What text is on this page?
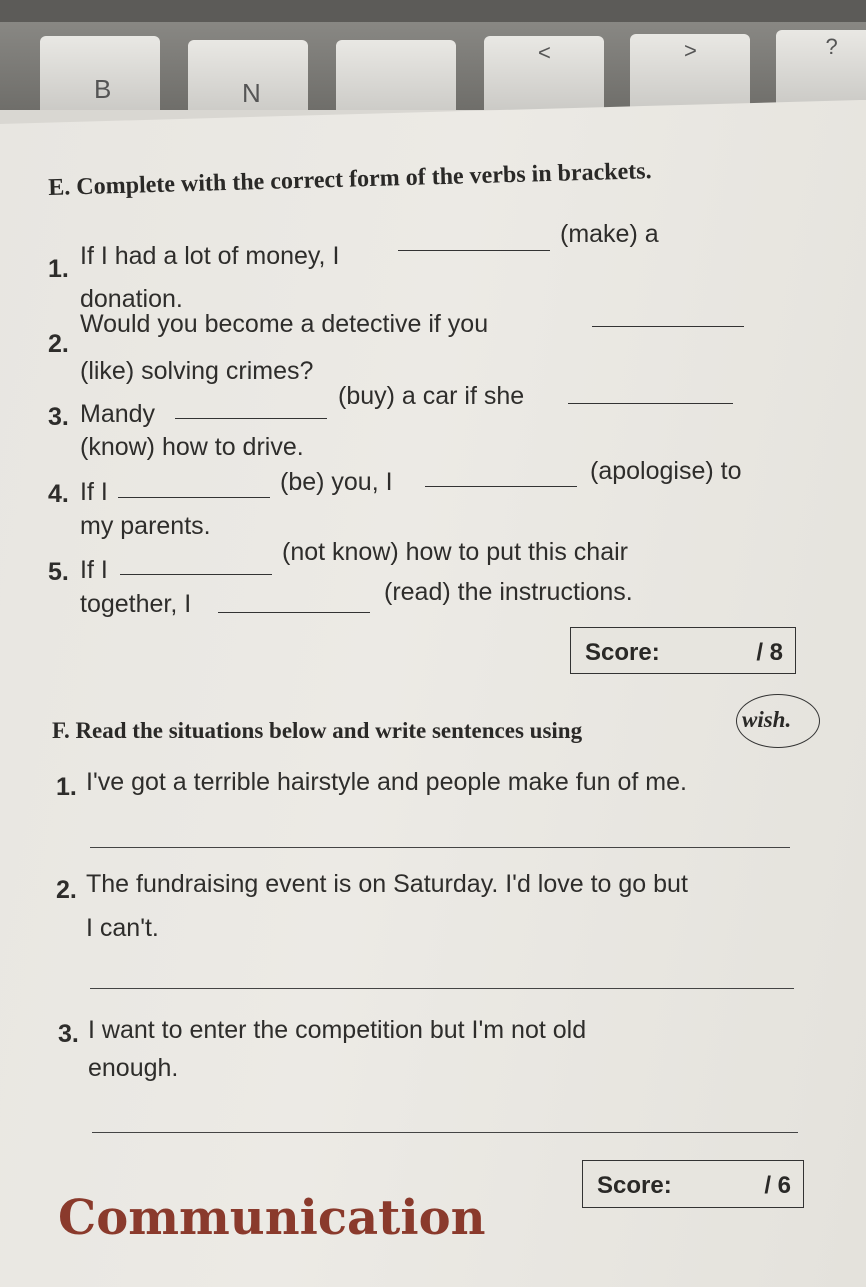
B	N
<	>	?
E. Complete with the correct form of the verbs in brackets.
1. If I had a lot of money, I
(make) a
donation.
2.
Would you become a detective if you
(like) solving crimes?
3. Mandy
(buy) a car if she
(know) how to drive.
4. If I	(be) you, I	(apologise) to
my parents.
5. If I
(not know) how to put this chair
together, I	(read) the instructions.
Score:	/ 8
F. Read the situations below and write sentences using	wish.
1. I've got a terrible hairstyle and people make fun of me.
2. The fundraising event is on Saturday. I'd love to go but
I can't.
3. I want to enter the competition but I'm not old
enough.
Score:	/ 6
Communication
